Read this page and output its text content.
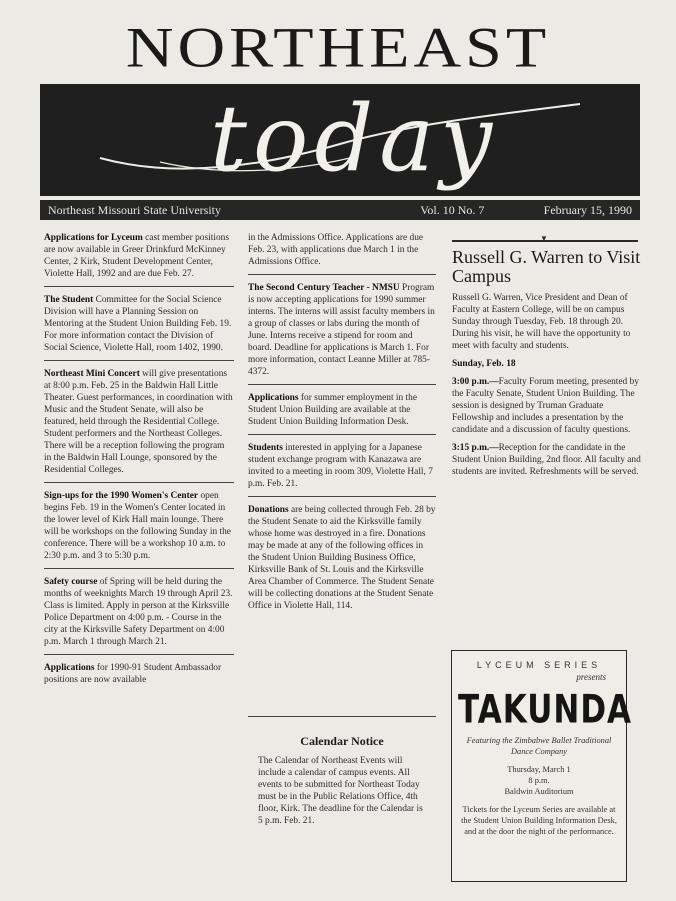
NORTHEAST
today
Northeast Missouri State University	Vol. 10 No. 7	February 15, 1990
Applications for Lyceum cast member positions are now available in Greer Drinkfurd McKinney Center, 2 Kirk, Student Development Center, Violette Hall, 1992 and are due Feb. 27.
The Student Committee for the Social Science Division will have a Planning Session on Mentoring at the Student Union Building Feb. 19. For more information contact the Division of Social Science, Violette Hall, room 1402, 1990.
Northeast Mini Concert will give presentations at 8:00 p.m. Feb. 25 in the Baldwin Hall Little Theater. Guest performances, in coordination with Music and the Student Senate, will also be featured, held through the Residential College. Student performers and the Northeast Colleges. There will be a reception following the program in the Baldwin Hall Lounge, sponsored by the Residential Colleges.
Sign-ups for the 1990 Women's Center open begins Feb. 19 in the Women's Center located in the lower level of Kirk Hall main lounge. There will be workshops on the following Sunday in the conference. There will be a workshop 10 a.m. to 2:30 p.m. and 3 to 5:30 p.m.
Safety course of Spring will be held during the months of weeknights March 19 through April 23. Class is limited. Apply in person at the Kirksville Police Department on 4:00 p.m. - Course in the city at the Kirksville Safety Department on 4:00 p.m. March 1 through March 21.
Applications for 1990-91 Student Ambassador positions are now available
in the Admissions Office. Applications are due Feb. 23, with applications due March 1 in the Admissions Office.
The Second Century Teacher - NMSU Program is now accepting applications for 1990 summer interns. The interns will assist faculty members in a group of classes or labs during the month of June. Interns receive a stipend for room and board. Deadline for applications is March 1. For more information, contact Leanne Miller at 785-4372.
Applications for summer employment in the Student Union Building are available at the Student Union Building Information Desk.
Students interested in applying for a Japanese student exchange program with Kanazawa are invited to a meeting in room 309, Violette Hall, 7 p.m. Feb. 21.
Donations are being collected through Feb. 28 by the Student Senate to aid the Kirksville family whose home was destroyed in a fire. Donations may be made at any of the following offices in the Student Union Building Business Office, Kirksville Bank of St. Louis and the Kirksville Area Chamber of Commerce. The Student Senate will be collecting donations at the Student Senate Office in Violette Hall, 114.
Calendar Notice
The Calendar of Northeast Events will include a calendar of campus events. All events to be submitted for Northeast Today must be in the Public Relations Office, 4th floor, Kirk. The deadline for the Calendar is 5 p.m. Feb. 21.
▼
Russell G. Warren to Visit Campus
Russell G. Warren, Vice President and Dean of Faculty at Eastern College, will be on campus Sunday through Tuesday, Feb. 18 through 20. During his visit, he will have the opportunity to meet with faculty and students.
Sunday, Feb. 18
3:00 p.m.—Faculty Forum meeting, presented by the Faculty Senate, Student Union Building. The session is designed by Truman Graduate Fellowship and includes a presentation by the candidate and a discussion of faculty questions.
3:15 p.m.—Reception for the candidate in the Student Union Building, 2nd floor. All faculty and students are invited. Refreshments will be served.
LYCEUM SERIES
presents
TAKUNDA
Featuring the Zimbabwe Ballet Traditional Dance Company
Thursday, March 1
8 p.m.
Baldwin Auditorium
Tickets for the Lyceum Series are available at the Student Union Building Information Desk, and at the door the night of the performance.
